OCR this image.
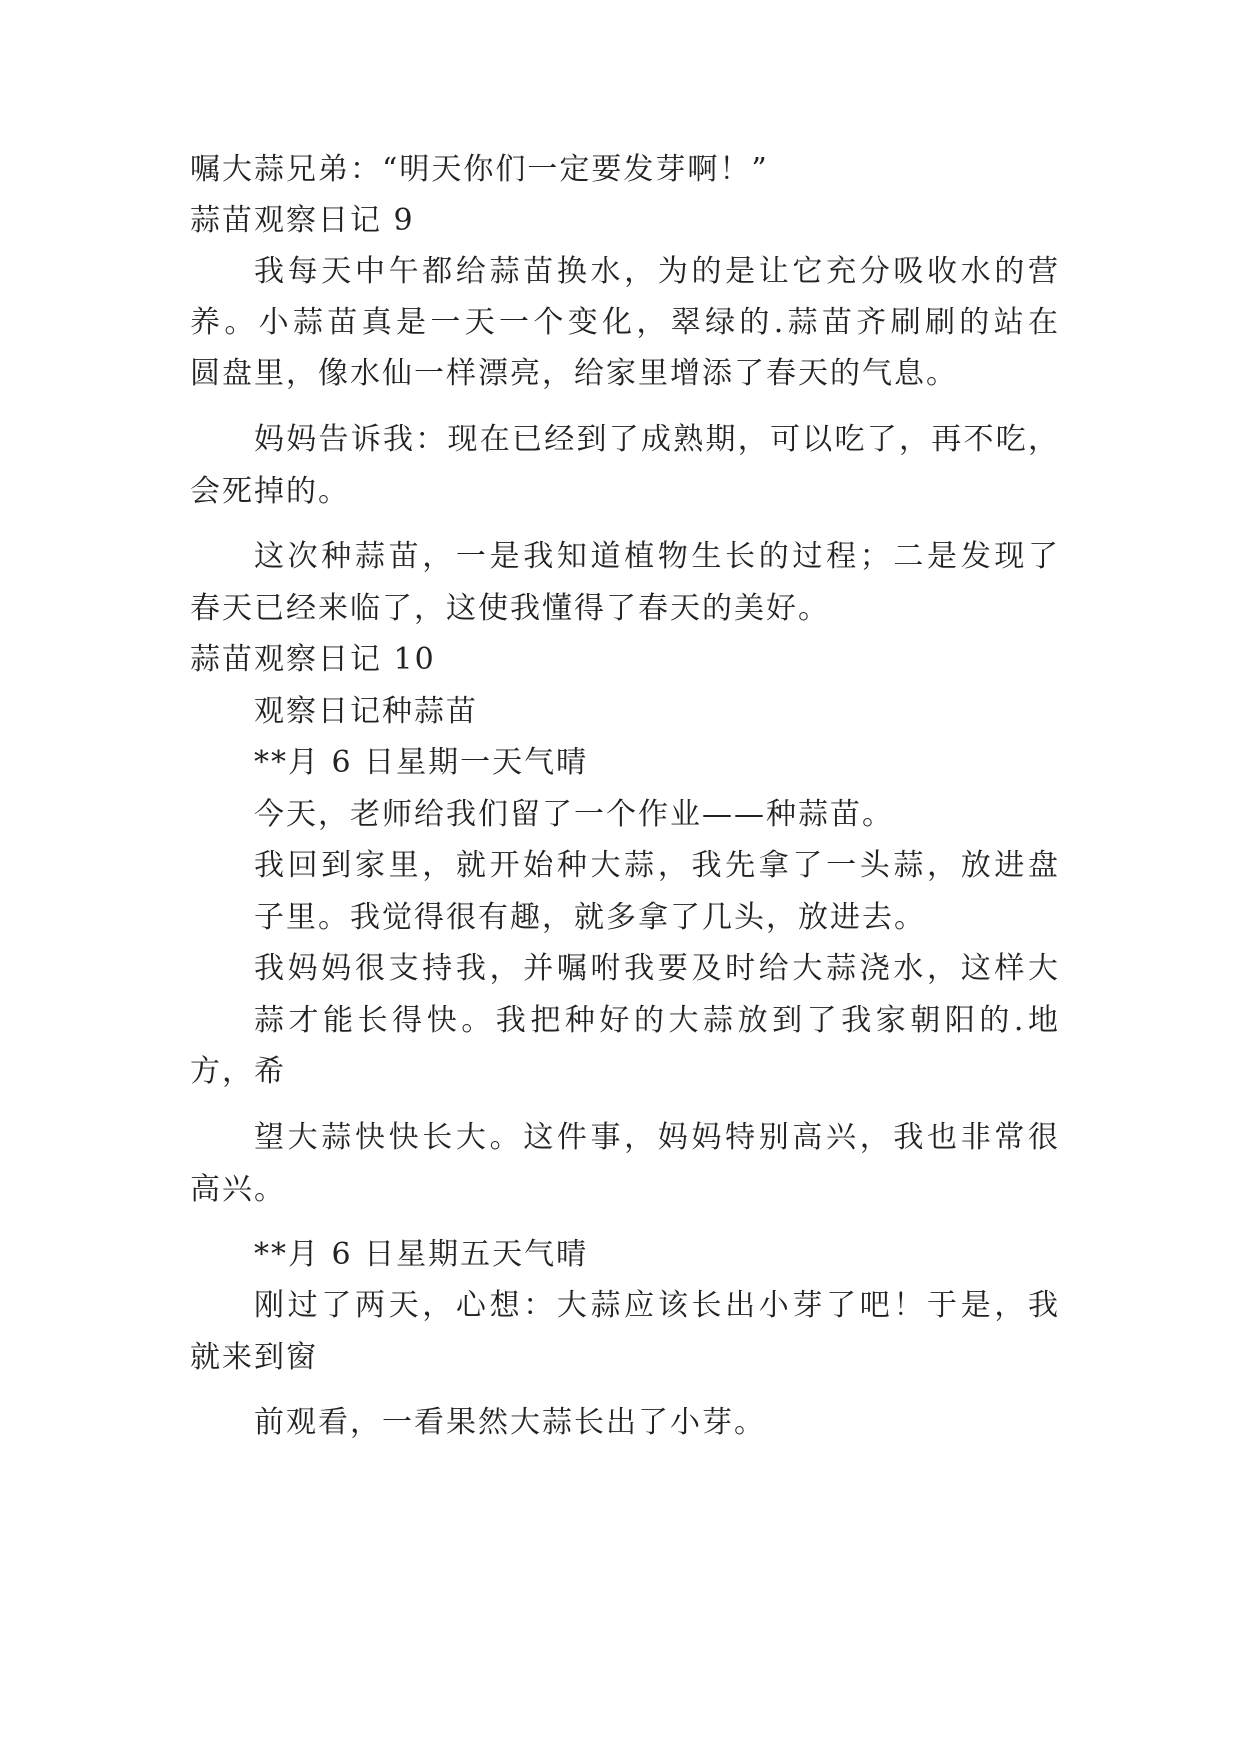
嘱大蒜兄弟：“明天你们一定要发芽啊！”

蒜苗观察日记 9

我每天中午都给蒜苗换水，为的是让它充分吸收水的营

养。小蒜苗真是一天一个变化，翠绿的.蒜苗齐刷刷的站在

圆盘里，像水仙一样漂亮，给家里增添了春天的气息。

妈妈告诉我：现在已经到了成熟期，可以吃了，再不吃，

会死掉的。

这次种蒜苗，一是我知道植物生长的过程；二是发现了

春天已经来临了，这使我懂得了春天的美好。

蒜苗观察日记 10

观察日记种蒜苗

**月 6 日星期一天气晴

今天，老师给我们留了一个作业——种蒜苗。

我回到家里，就开始种大蒜，我先拿了一头蒜，放进盘

子里。我觉得很有趣，就多拿了几头，放进去。

我妈妈很支持我，并嘱咐我要及时给大蒜浇水，这样大

蒜才能长得快。我把种好的大蒜放到了我家朝阳的.地

方，希

望大蒜快快长大。这件事，妈妈特别高兴，我也非常很

高兴。

**月 6 日星期五天气晴

刚过了两天，心想：大蒜应该长出小芽了吧！于是，我

就来到窗

前观看，一看果然大蒜长出了小芽。
